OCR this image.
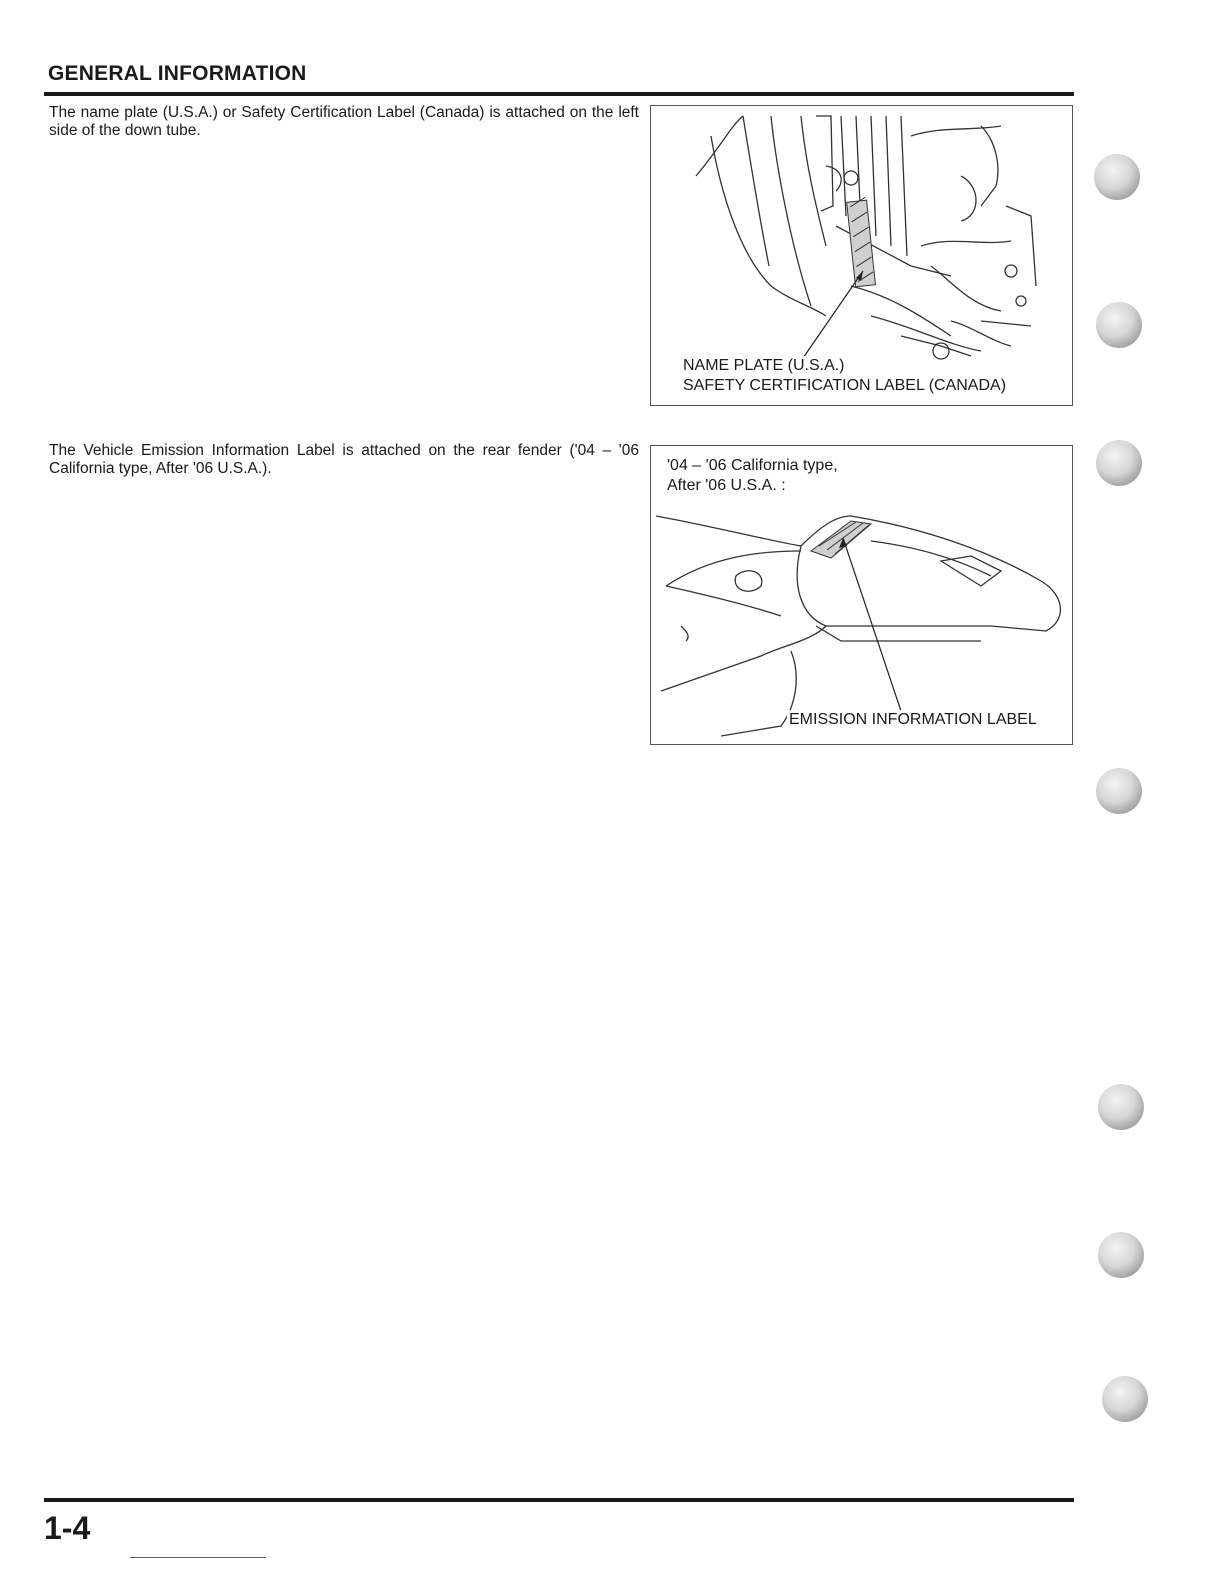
GENERAL INFORMATION
The name plate (U.S.A.) or Safety Certification Label (Canada) is attached on the left side of the down tube.
NAME PLATE (U.S.A.)
SAFETY CERTIFICATION LABEL (CANADA)
The Vehicle Emission Information Label is attached on the rear fender ('04 – '06 California type, After '06 U.S.A.).	'04 – '06 California type,
After '06 U.S.A. :
EMISSION INFORMATION LABEL
1-4
